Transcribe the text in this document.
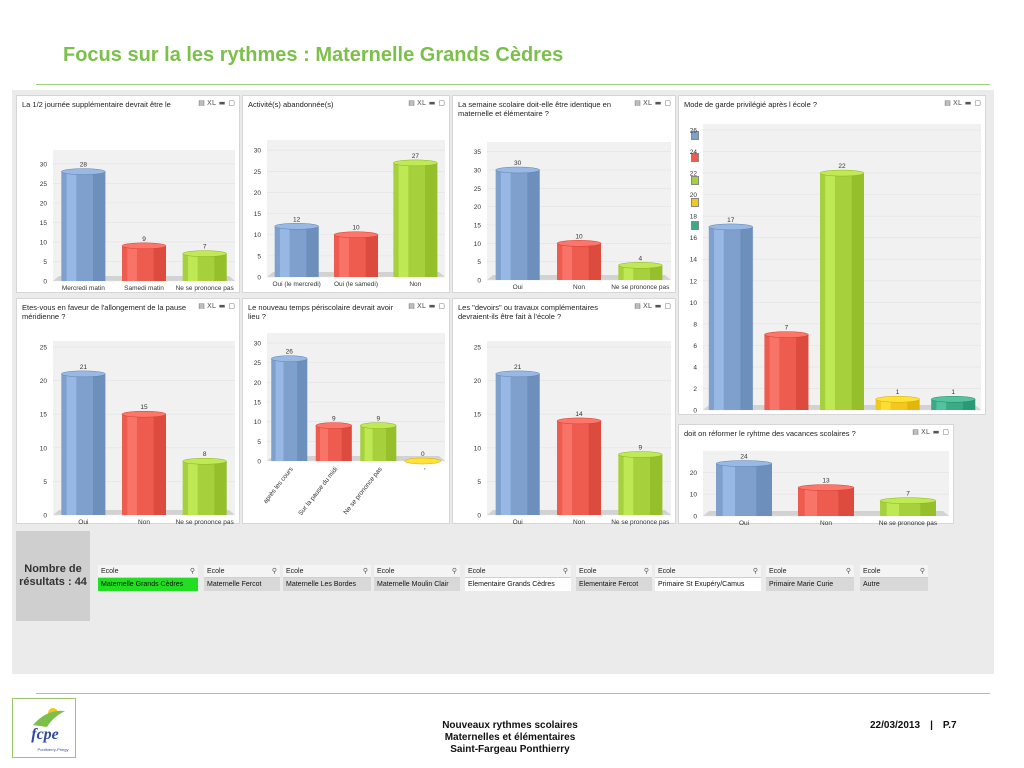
Focus sur la les rythmes : Maternelle Grands Cèdres
La 1/2 journée supplémentaire devrait être le	▤ XL ▬ ▢
0
5
10
15
20
25
30	28
Mercredi matin
9
Samedi matin
7
Ne se prononce pas
Activité(s) abandonnée(s)	▤ XL ▬ ▢
0
5
10
15
20
25
30
12
Oui (le mercredi)
10
Oui (le samedi)
27
Non
La semaine scolaire doit-elle être identique en maternelle et élémentaire ?
▤ XL ▬ ▢
0
5
10
15
20
25
30
35
30
Oui
10
Non
4
Ne se prononce pas
Mode de garde privilégié après l école ?	▤ XL ▬ ▢
0
2
4
6
8
10
12
14
16
18
20
22
24
26
17
7
22
1	1
Etes-vous en faveur de l'allongement de la pause méridienne ?
▤ XL ▬ ▢
0
5
10
15
20
25
21
Oui
15
Non
8
Ne se prononce pas
Le nouveau temps périscolaire devrait avoir lieu ?
▤ XL ▬ ▢
0
5
10
15
20
25
30
26
après les cours
9
Sur la pause du midi
9
Ne se prononce pas
0
-
Les "devoirs" ou travaux complémentaires devraient-ils être fait à l'école ?
▤ XL ▬ ▢
0
5
10
15
20
25
21
Oui
14
Non
9
Ne se prononce pas
doit on réformer le ryhtme des vacances scolaires ?	▤ XL ▬ ▢
0
10
20
24
Oui
13
Non
7
Ne se prononce pas
Nombre de
résultats : 44
Ecole	⚲
Maternelle Grands Cèdres
Ecole	⚲
Maternelle Fercot
Ecole	⚲
Maternelle Les Bordes
Ecole	⚲
Maternelle Moulin Clair
Ecole	⚲
Elementaire Grands Cèdres
Ecole	⚲
Elementaire Fercot
Ecole	⚲
Primaire St Exupéry/Camus
Ecole	⚲
Primaire Marie Curie
Ecole	⚲
Autre
fcpe
Ponthierry-Pringy
Nouveaux rythmes scolaires
Maternelles et élémentaires
Saint-Fargeau Ponthierry
22/03/2013 | P.7
